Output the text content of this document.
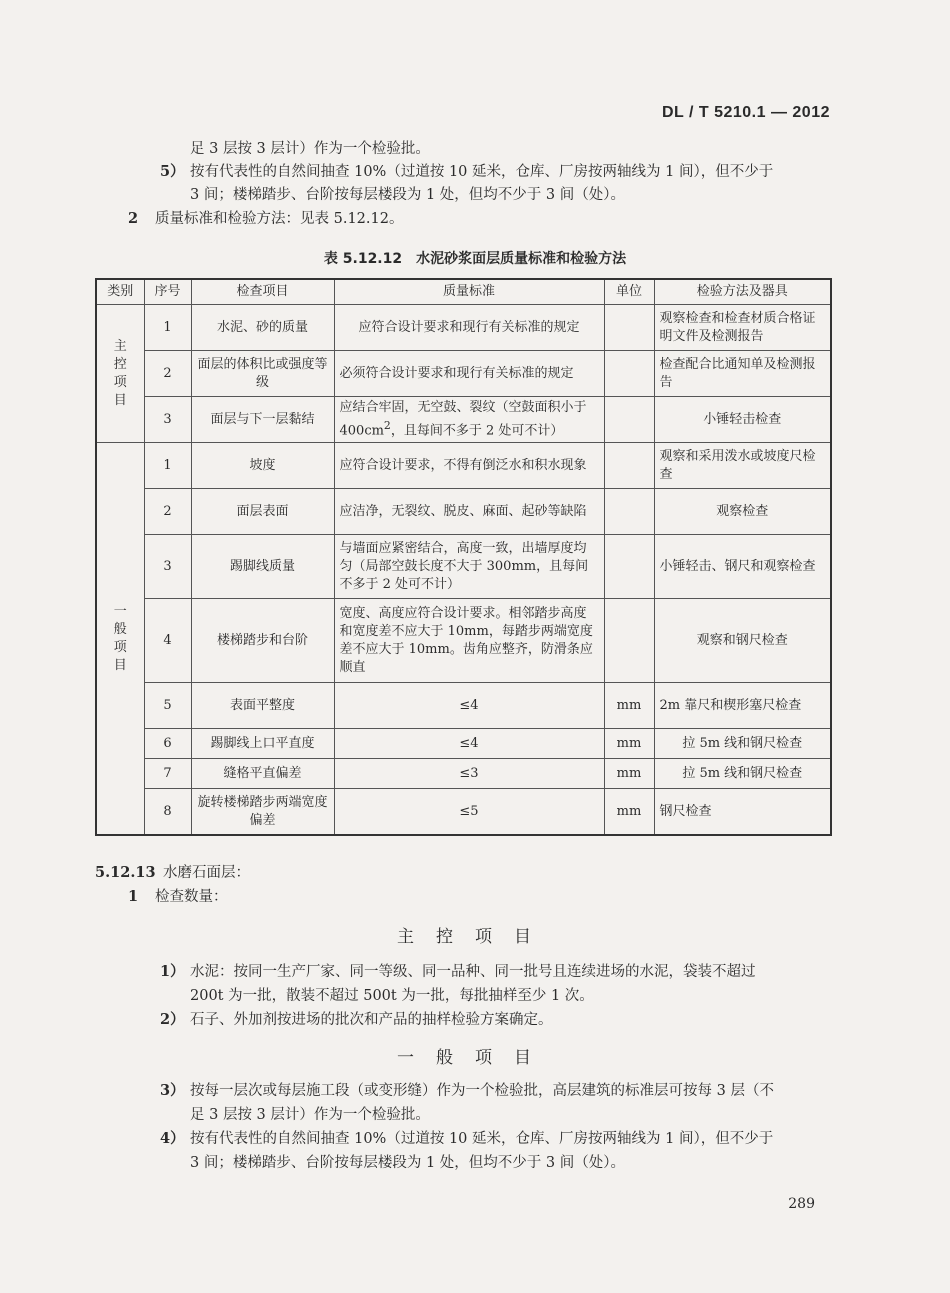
DL / T 5210.1 — 2012
足 3 层按 3 层计）作为一个检验批。
5） 按有代表性的自然间抽查 10%（过道按 10 延米，仓库、厂房按两轴线为 1 间），但不少于
3 间；楼梯踏步、台阶按每层楼段为 1 处，但均不少于 3 间（处）。
2 质量标准和检验方法：见表 5.12.12。
表 5.12.12　水泥砂浆面层质量标准和检验方法
类别	序号	检查项目	质量标准	单位	检验方法及器具

主控项目	1	水泥、砂的质量	应符合设计要求和现行有关标准的规定		观察检查和检查材质合格证明文件及检测报告
	2	面层的体积比或强度等级	必须符合设计要求和现行有关标准的规定		检查配合比通知单及检测报告
	3	面层与下一层黏结	应结合牢固，无空鼓、裂纹（空鼓面积小于 $400cm^2$，且每间不多于 2 处可不计）		小锤轻击检查

一般项目	1	坡度	应符合设计要求，不得有倒泛水和积水现象		观察和采用泼水或坡度尺检查
	2	面层表面	应洁净，无裂纹、脱皮、麻面、起砂等缺陷		观察检查
	3	踢脚线质量	与墙面应紧密结合，高度一致，出墙厚度均匀（局部空鼓长度不大于 300mm，且每间不多于 2 处可不计）		小锤轻击、钢尺和观察检查
	4	楼梯踏步和台阶	宽度、高度应符合设计要求。相邻踏步高度和宽度差不应大于 10mm，每踏步两端宽度差不应大于 10mm。齿角应整齐，防滑条应顺直		观察和钢尺检查
	5	表面平整度	≤4	mm	2m 靠尺和楔形塞尺检查
	6	踢脚线上口平直度	≤4	mm	拉 5m 线和钢尺检查
	7	缝格平直偏差	≤3	mm	拉 5m 线和钢尺检查
	8	旋转楼梯踏步两端宽度偏差	≤5	mm	钢尺检查
5.12.13 水磨石面层：
1 检查数量：
主控项目
1） 水泥：按同一生产厂家、同一等级、同一品种、同一批号且连续进场的水泥，袋装不超过
200t 为一批，散装不超过 500t 为一批，每批抽样至少 1 次。
2） 石子、外加剂按进场的批次和产品的抽样检验方案确定。
一般项目
3） 按每一层次或每层施工段（或变形缝）作为一个检验批，高层建筑的标准层可按每 3 层（不
足 3 层按 3 层计）作为一个检验批。
4） 按有代表性的自然间抽查 10%（过道按 10 延米，仓库、厂房按两轴线为 1 间），但不少于
3 间；楼梯踏步、台阶按每层楼段为 1 处，但均不少于 3 间（处）。
289
